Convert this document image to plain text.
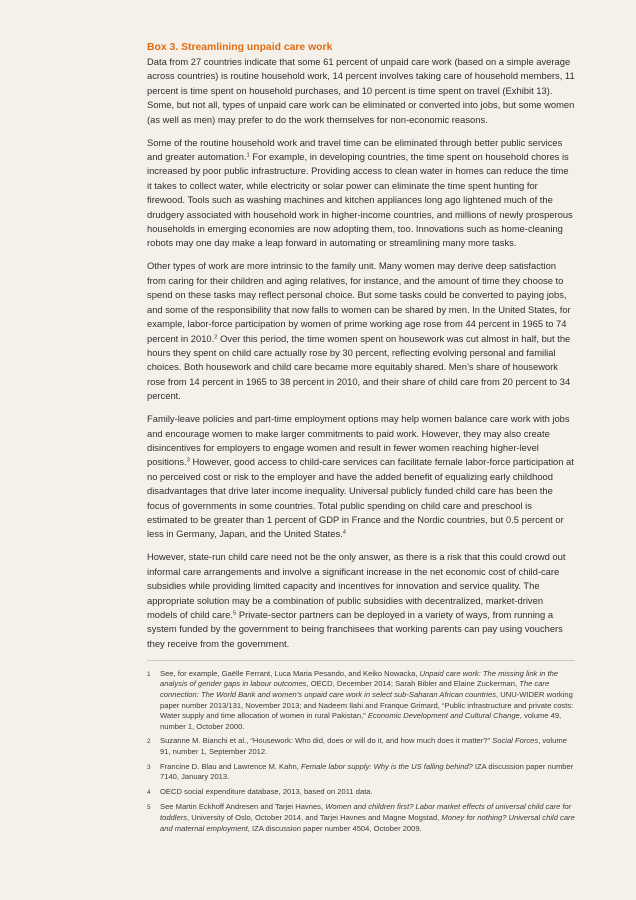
Box 3. Streamlining unpaid care work

Data from 27 countries indicate that some 61 percent of unpaid care work (based on a simple average across countries) is routine household work, 14 percent involves taking care of household members, 11 percent is time spent on household purchases, and 10 percent is time spent on travel (Exhibit 13). Some, but not all, types of unpaid care work can be eliminated or converted into jobs, but some women (as well as men) may prefer to do the work themselves for non-economic reasons.

Some of the routine household work and travel time can be eliminated through better public services and greater automation.$^1$ For example, in developing countries, the time spent on household chores is increased by poor public infrastructure. Providing access to clean water in homes can reduce the time it takes to collect water, while electricity or solar power can eliminate the time spent hunting for firewood. Tools such as washing machines and kitchen appliances long ago lightened much of the drudgery associated with household work in higher-income countries, and millions of newly prosperous households in emerging economies are now adopting them, too. Innovations such as home-cleaning robots may one day make a leap forward in automating or streamlining many more tasks.

Other types of work are more intrinsic to the family unit. Many women may derive deep satisfaction from caring for their children and aging relatives, for instance, and the amount of time they choose to spend on these tasks may reflect personal choice. But some tasks could be converted to paying jobs, and some of the responsibility that now falls to women can be shared by men. In the United States, for example, labor-force participation by women of prime working age rose from 44 percent in 1965 to 74 percent in 2010.$^2$ Over this period, the time women spent on housework was cut almost in half, but the hours they spent on child care actually rose by 30 percent, reflecting evolving personal and familial choices. Both housework and child care became more equitably shared. Men’s share of housework rose from 14 percent in 1965 to 38 percent in 2010, and their share of child care from 20 percent to 34 percent.

Family-leave policies and part-time employment options may help women balance care work with jobs and encourage women to make larger commitments to paid work. However, they may also create disincentives for employers to engage women and result in fewer women reaching higher-level positions.$^3$ However, good access to child-care services can facilitate female labor-force participation at no perceived cost or risk to the employer and have the added benefit of equalizing early childhood disadvantages that drive later income inequality. Universal publicly funded child care has been the focus of governments in some countries. Total public spending on child care and preschool is estimated to be greater than 1 percent of GDP in France and the Nordic countries, but 0.5 percent or less in Germany, Japan, and the United States.$^4$

However, state-run child care need not be the only answer, as there is a risk that this could crowd out informal care arrangements and involve a significant increase in the net economic cost of child-care subsidies while providing limited capacity and incentives for innovation and service quality. The appropriate solution may be a combination of public subsidies with decentralized, market-driven models of child care.$^5$ Private-sector partners can be deployed in a variety of ways, from running a system funded by the government to being franchisees that working parents can pay using vouchers they receive from the government.

1	See, for example, Gaëlle Ferrant, Luca Maria Pesando, and Keiko Nowacka, Unpaid care work: The missing link in the analysis of gender gaps in labour outcomes, OECD, December 2014; Sarah Bibler and Elaine Zuckerman, The care connection: The World Bank and women’s unpaid care work in select sub-Saharan African countries, UNU-WIDER working paper number 2013/131, November 2013; and Nadeem Ilahi and Franque Grimard, “Public infrastructure and private costs: Water supply and time allocation of women in rural Pakistan,” Economic Development and Cultural Change, volume 49, number 1, October 2000.
2	Suzanne M. Bianchi et al., “Housework: Who did, does or will do it, and how much does it matter?” Social Forces, volume 91, number 1, September 2012.
3	Francine D. Blau and Lawrence M. Kahn, Female labor supply: Why is the US falling behind? IZA discussion paper number 7140, January 2013.
4	OECD social expenditure database, 2013, based on 2011 data.
5	See Martin Eckhoff Andresen and Tarjei Havnes, Women and children first? Labor market effects of universal child care for toddlers, University of Oslo, October 2014, and Tarjei Havnes and Magne Mogstad, Money for nothing? Universal child care and maternal employment, IZA discussion paper number 4504, October 2009.
